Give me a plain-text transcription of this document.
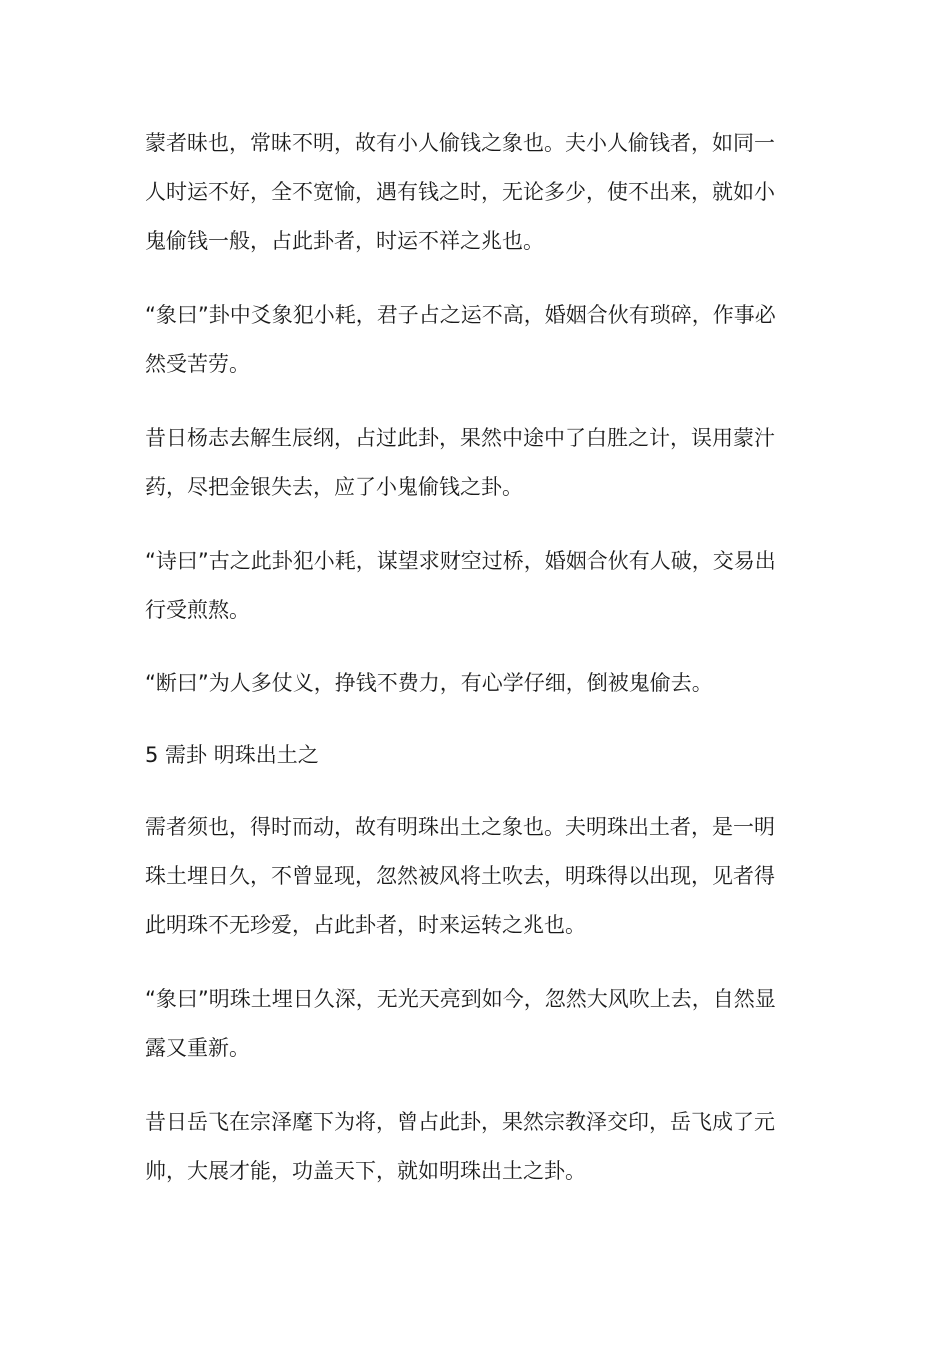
蒙者昧也，常昧不明，故有小人偷钱之象也。夫小人偷钱者，如同一
人时运不好，全不宽愉，遇有钱之时，无论多少，使不出来，就如小
鬼偷钱一般，占此卦者，时运不祥之兆也。
“象曰”卦中爻象犯小耗，君子占之运不高，婚姻合伙有琐碎，作事必
然受苦劳。
昔日杨志去解生辰纲，占过此卦，果然中途中了白胜之计，误用蒙汁
药，尽把金银失去，应了小鬼偷钱之卦。
“诗曰”古之此卦犯小耗，谋望求财空过桥，婚姻合伙有人破，交易出
行受煎熬。
“断曰”为人多仗义，挣钱不费力，有心学仔细，倒被鬼偷去。
5 需卦 明珠出土之
需者须也，得时而动，故有明珠出土之象也。夫明珠出土者，是一明
珠土埋日久，不曾显现，忽然被风将土吹去，明珠得以出现，见者得
此明珠不无珍爱，占此卦者，时来运转之兆也。
“象曰”明珠土埋日久深，无光天亮到如今，忽然大风吹上去，自然显
露又重新。
昔日岳飞在宗泽麾下为将，曾占此卦，果然宗教泽交印，岳飞成了元
帅，大展才能，功盖天下，就如明珠出土之卦。
